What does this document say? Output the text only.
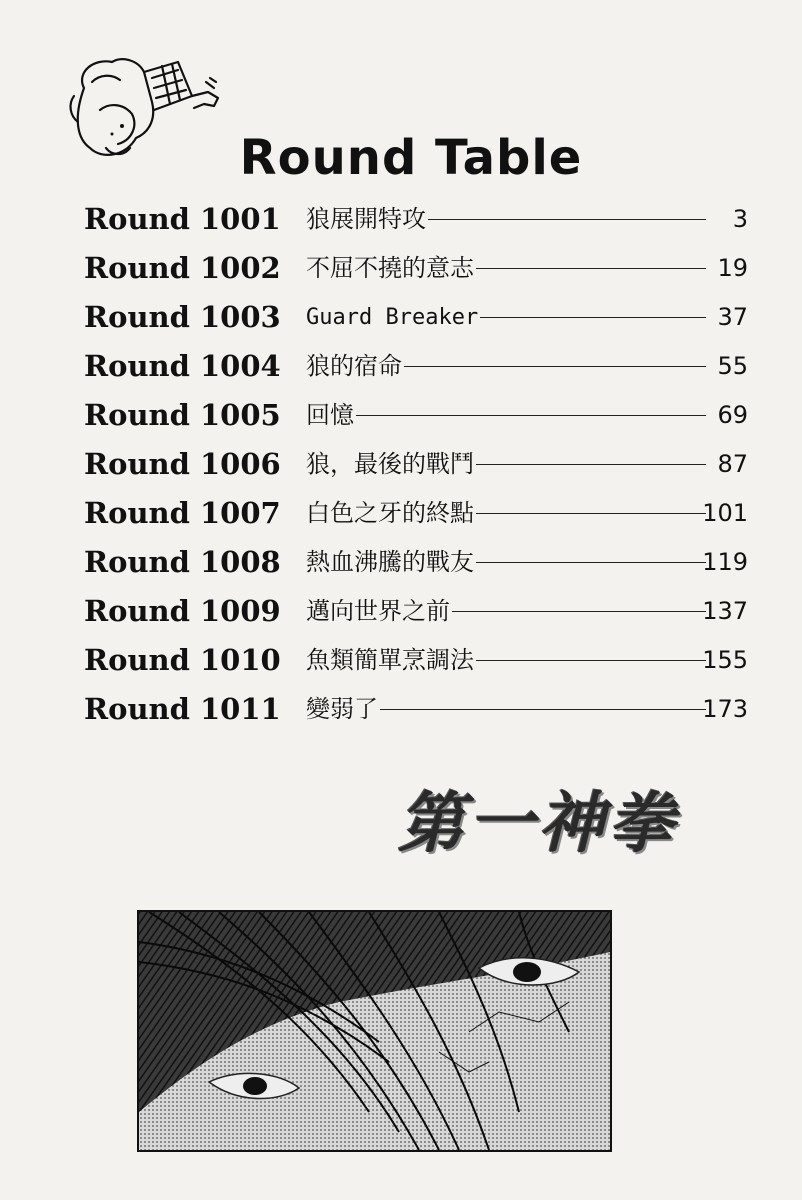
Round Table
Round 1001 狼展開特攻	3
Round 1002 不屈不撓的意志	19
Round 1003 Guard Breaker	37
Round 1004 狼的宿命	55
Round 1005 回憶	69
Round 1006 狼，最後的戰鬥	87
Round 1007 白色之牙的終點	101
Round 1008 熱血沸騰的戰友	119
Round 1009 邁向世界之前	137
Round 1010 魚類簡單烹調法	155
Round 1011 變弱了	173
第一神拳
